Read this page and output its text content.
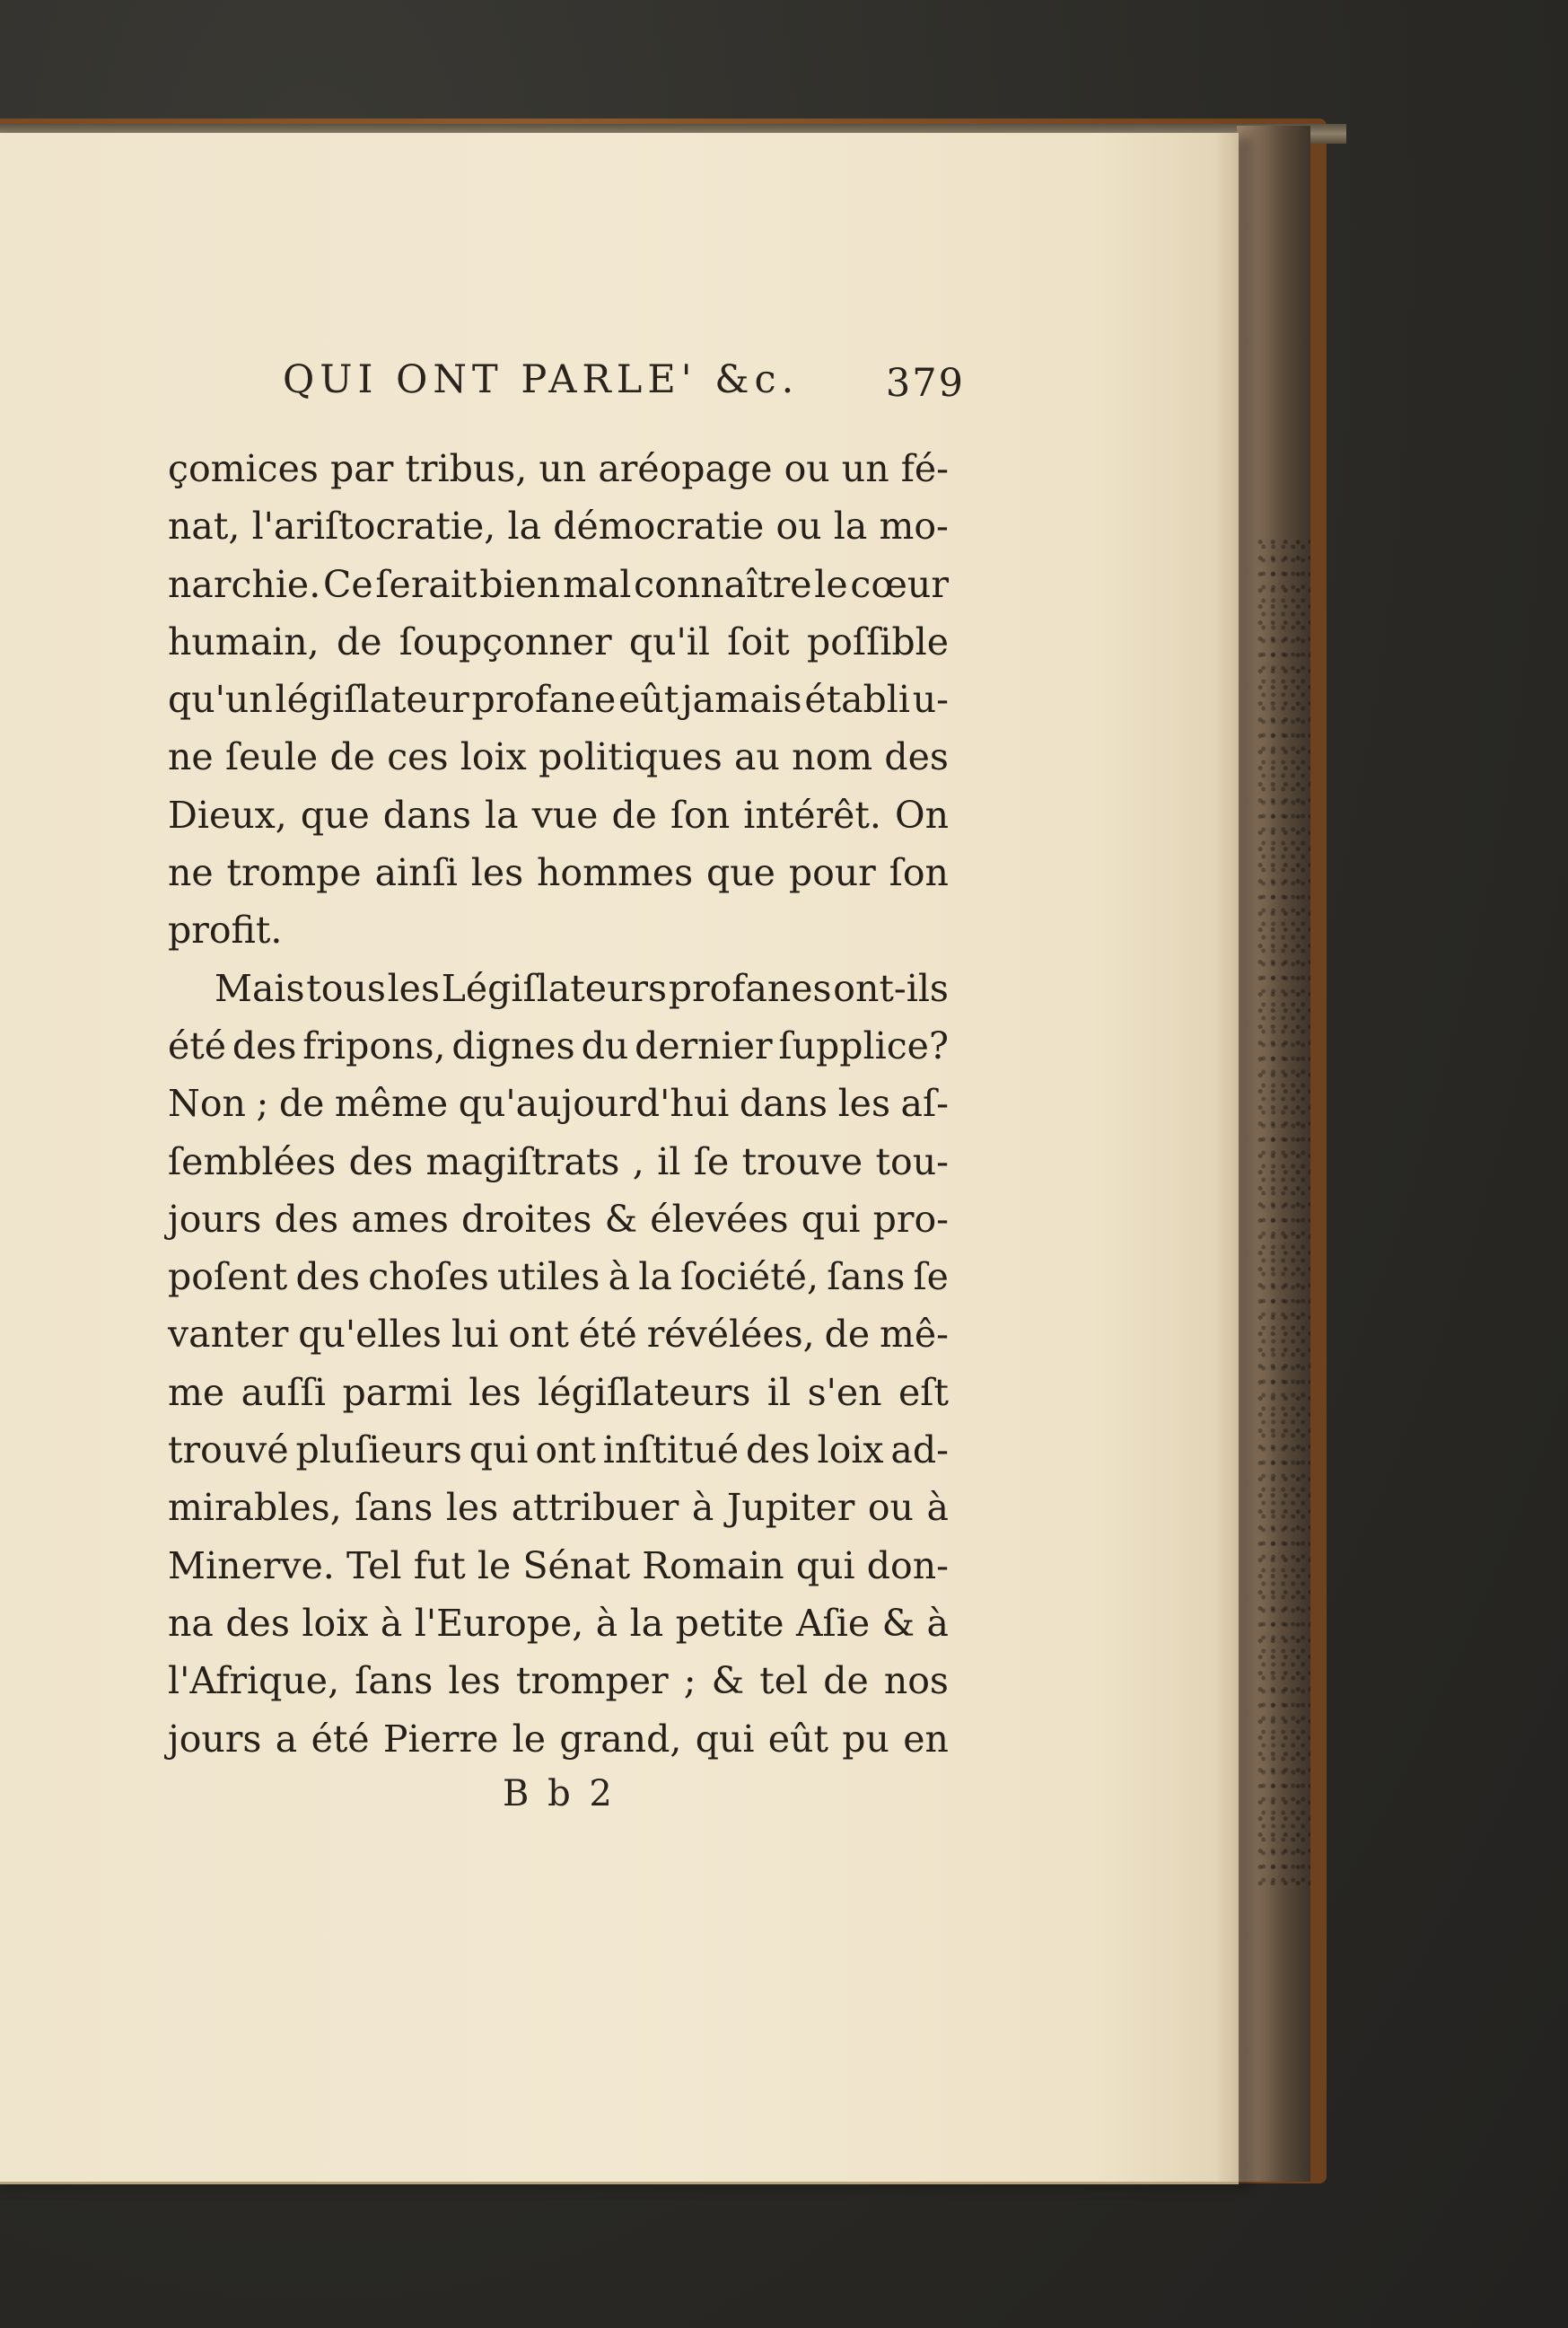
QUI ONT PARLE' &c. 379
çomices par tribus, un aréopage ou un fé-
nat, l'ariſtocratie, la démocratie ou la mo-
narchie. Ce ſerait bien mal connaître le cœur
humain, de ſoupçonner qu'il ſoit poſſible
qu'un légiſlateur profane eût jamais établi u-
ne ſeule de ces loix politiques au nom des
Dieux, que dans la vue de ſon intérêt. On
ne trompe ainſi les hommes que pour ſon
profit.
Mais tous les Légiſlateurs profanes ont-ils
été des fripons, dignes du dernier ſupplice?
Non ; de même qu'aujourd'hui dans les aſ-
ſemblées des magiſtrats , il ſe trouve tou-
jours des ames droites & élevées qui pro-
poſent des choſes utiles à la ſociété, ſans ſe
vanter qu'elles lui ont été révélées, de mê-
me auſſi parmi les légiſlateurs il s'en eſt
trouvé pluſieurs qui ont inſtitué des loix ad-
mirables, ſans les attribuer à Jupiter ou à
Minerve. Tel fut le Sénat Romain qui don-
na des loix à l'Europe, à la petite Aſie & à
l'Afrique, ſans les tromper ; & tel de nos
jours a été Pierre le grand, qui eût pu en
B b 2
